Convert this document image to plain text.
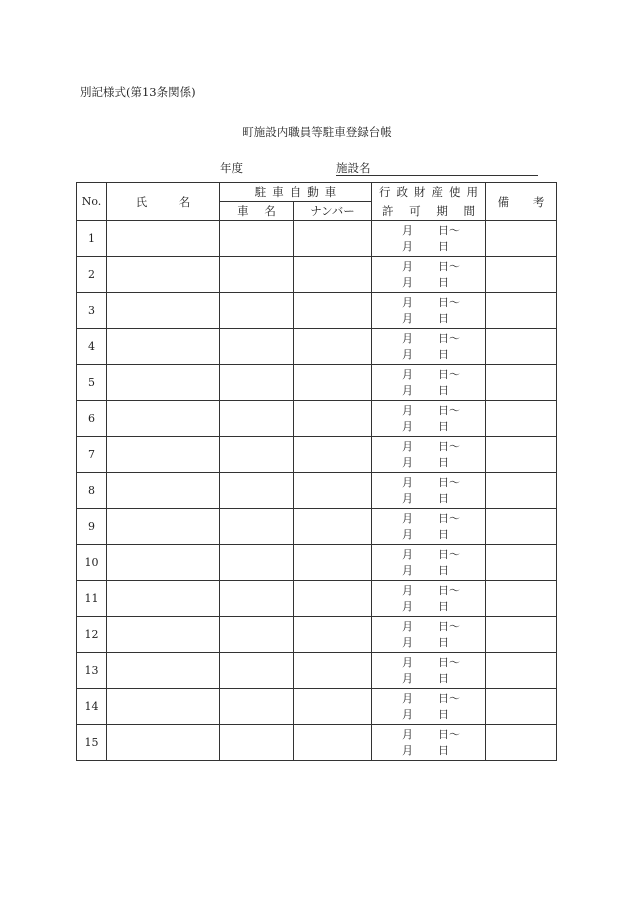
別記様式(第13条関係)
町施設内職員等駐車登録台帳
年度	施設名
No.	氏　名	駐車自動車		行政財産使用	備 考
		車 名	ナンバー	許 可 期 間	
1				月 日〜
月 日	

2				月 日〜
月 日	

3				月 日〜
月 日	

4				月 日〜
月 日	

5				月 日〜
月 日	

6				月 日〜
月 日	

7				月 日〜
月 日	

8				月 日〜
月 日	

9				月 日〜
月 日	

10				月 日〜
月 日	

11				月 日〜
月 日	

12				月 日〜
月 日	

13				月 日〜
月 日	

14				月 日〜
月 日	

15				月 日〜
月 日	
